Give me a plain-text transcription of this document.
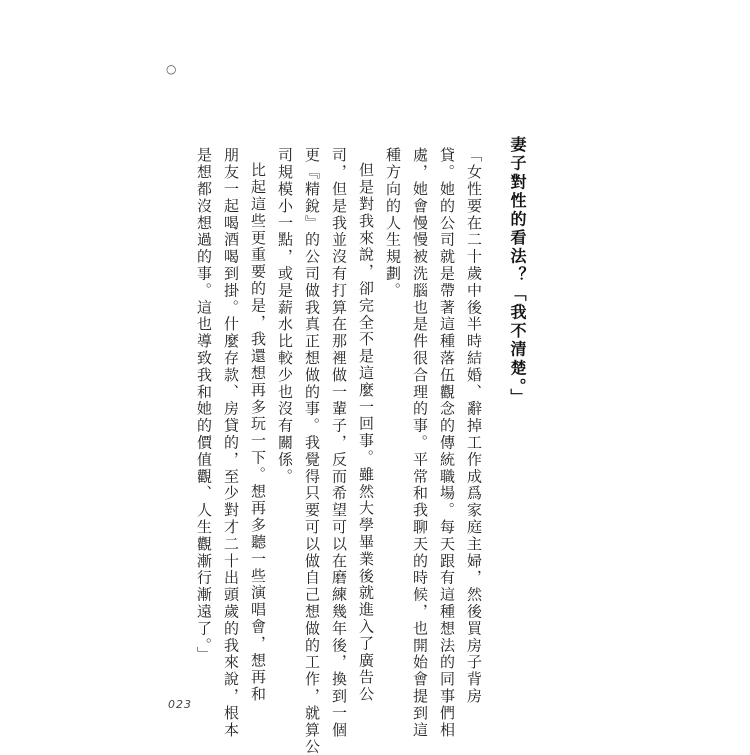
○
妻子對性的看法？「我不清楚。」
「女性要在二十歲中後半時結婚、辭掉工作成爲家庭主婦，然後買房子背房
貸。她的公司就是帶著這種落伍觀念的傳統職場。每天跟有這種想法的同事們相
處，她會慢慢被洗腦也是件很合理的事。平常和我聊天的時候，也開始會提到這
種方向的人生規劃。
但是對我來說，卻完全不是這麼一回事。雖然大學畢業後就進入了廣告公
司，但是我並沒有打算在那裡做一輩子，反而希望可以在磨練幾年後，換到一個
更『精銳』的公司做我真正想做的事。我覺得只要可以做自己想做的工作，就算公
司規模小一點，或是薪水比較少也沒有關係。
比起這些更重要的是，我還想再多玩一下。想再多聽一些演唱會，想再和
朋友一起喝酒喝到掛。什麼存款、房貸的，至少對才二十出頭歲的我來說，根本
是想都沒想過的事。這也導致我和她的價值觀、人生觀漸行漸遠了。」
023
